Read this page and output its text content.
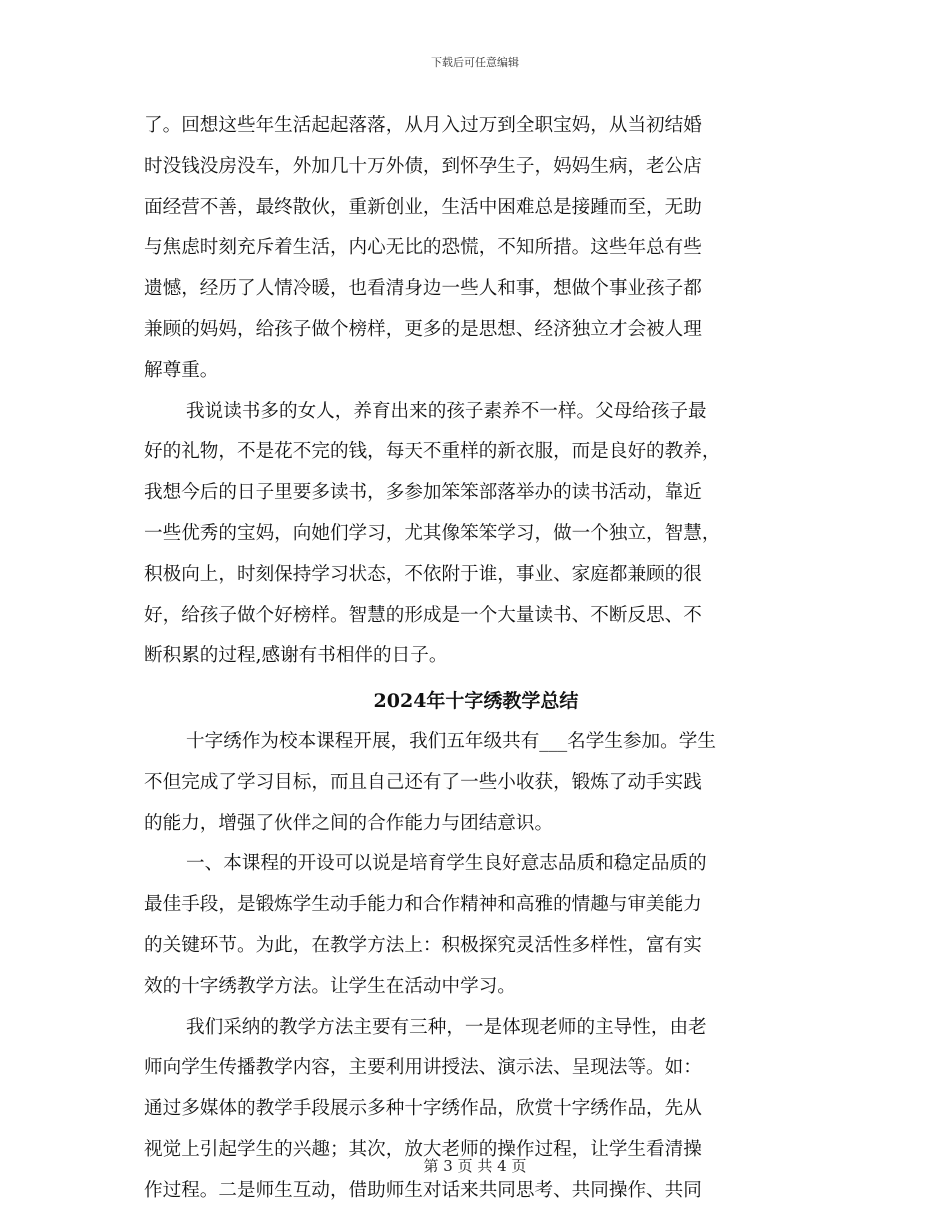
下载后可任意编辑
了。回想这些年生活起起落落，从月入过万到全职宝妈，从当初结婚
时没钱没房没车，外加几十万外债，到怀孕生子，妈妈生病，老公店
面经营不善，最终散伙，重新创业，生活中困难总是接踵而至，无助
与焦虑时刻充斥着生活，内心无比的恐慌，不知所措。这些年总有些
遗憾，经历了人情冷暖，也看清身边一些人和事，想做个事业孩子都
兼顾的妈妈，给孩子做个榜样，更多的是思想、经济独立才会被人理
解尊重。
我说读书多的女人，养育出来的孩子素养不一样。父母给孩子最
好的礼物，不是花不完的钱，每天不重样的新衣服，而是良好的教养，
我想今后的日子里要多读书，多参加笨笨部落举办的读书活动，靠近
一些优秀的宝妈，向她们学习，尤其像笨笨学习，做一个独立，智慧，
积极向上，时刻保持学习状态，不依附于谁，事业、家庭都兼顾的很
好，给孩子做个好榜样。智慧的形成是一个大量读书、不断反思、不
断积累的过程,感谢有书相伴的日子。
2024年十字绣教学总结
十字绣作为校本课程开展，我们五年级共有___名学生参加。学生
不但完成了学习目标，而且自己还有了一些小收获，锻炼了动手实践
的能力，增强了伙伴之间的合作能力与团结意识。
一、本课程的开设可以说是培育学生良好意志品质和稳定品质的
最佳手段，是锻炼学生动手能力和合作精神和高雅的情趣与审美能力
的关键环节。为此，在教学方法上：积极探究灵活性多样性，富有实
效的十字绣教学方法。让学生在活动中学习。
我们采纳的教学方法主要有三种，一是体现老师的主导性，由老
师向学生传播教学内容，主要利用讲授法、演示法、呈现法等。如：
通过多媒体的教学手段展示多种十字绣作品，欣赏十字绣作品，先从
视觉上引起学生的兴趣；其次，放大老师的操作过程，让学生看清操
作过程。二是师生互动，借助师生对话来共同思考、共同操作、共同
第 3 页 共 4 页
